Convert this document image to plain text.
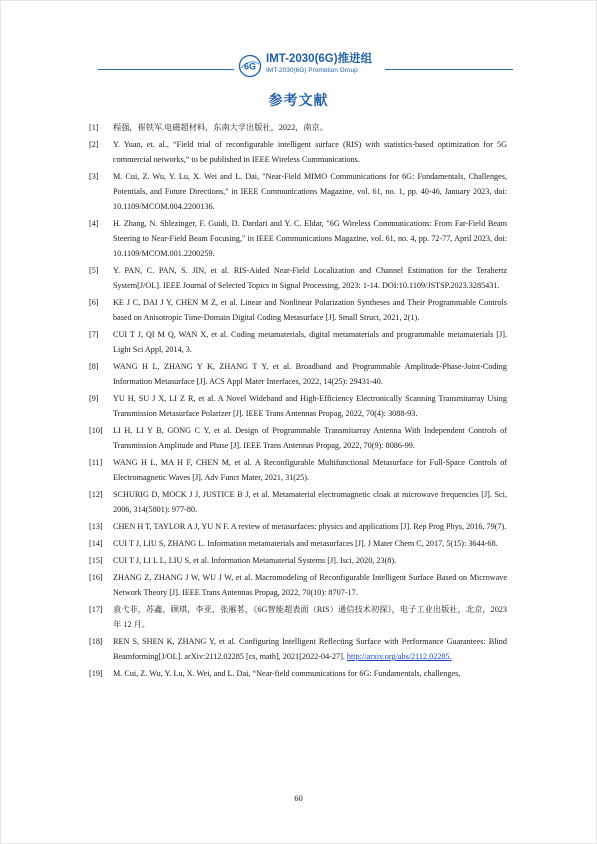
6G
IMT-2030(6G)推进组
IMT-2030(6G) Promotion Group
参考文献
[1] 程强，崔铁军.电磁超材料，东南大学出版社，2022，南京。
[2] Y. Yuan, et. al., “Field trial of reconfigurable intelligent surface (RIS) with statistics-based optimization for 5G commercial networks,” to be published in IEEE Wireless Communications.
[3] M. Cui, Z. Wu, Y. Lu, X. Wei and L. Dai, "Near-Field MIMO Communications for 6G: Fundamentals, Challenges, Potentials, and Future Directions," in IEEE Communications Magazine, vol. 61, no. 1, pp. 40-46, January 2023, doi: 10.1109/MCOM.004.2200136.
[4] H. Zhang, N. Shlezinger, F. Guidi, D. Dardari and Y. C. Eldar, "6G Wireless Communications: From Far-Field Beam Steering to Near-Field Beam Focusing," in IEEE Communications Magazine, vol. 61, no. 4, pp. 72-77, April 2023, doi: 10.1109/MCOM.001.2200259.
[5] Y. PAN, C. PAN, S. JIN, et al. RIS-Aided Near-Field Localization and Channel Estimation for the Terahertz System[J/OL]. IEEE Journal of Selected Topics in Signal Processing, 2023: 1-14. DOI:10.1109/JSTSP.2023.3285431.
[6] KE J C, DAI J Y, CHEN M Z, et al. Linear and Nonlinear Polarization Syntheses and Their Programmable Controls based on Anisotropic Time-Domain Digital Coding Metasurface [J]. Small Struct, 2021, 2(1).
[7] CUI T J, QI M Q, WAN X, et al. Coding metamaterials, digital metamaterials and programmable metamaterials [J]. Light Sci Appl, 2014, 3.
[8] WANG H L, ZHANG Y K, ZHANG T Y, et al. Broadband and Programmable Amplitude-Phase-Joint-Coding Information Metasurface [J]. ACS Appl Mater Interfaces, 2022, 14(25): 29431-40.
[9] YU H, SU J X, LI Z R, et al. A Novel Wideband and High-Efficiency Electronically Scanning Transmitarray Using Transmission Metasurface Polarizer [J]. IEEE Trans Antennas Propag, 2022, 70(4): 3088-93.
[10] LI H, LI Y B, GONG C Y, et al. Design of Programmable Transmitarray Antenna With Independent Controls of Transmission Amplitude and Phase [J]. IEEE Trans Antennas Propag, 2022, 70(9): 8086-99.
[11] WANG H L, MA H F, CHEN M, et al. A Reconfigurable Multifunctional Metasurface for Full-Space Controls of Electromagnetic Waves [J]. Adv Funct Mater, 2021, 31(25).
[12] SCHURIG D, MOCK J J, JUSTICE B J, et al. Metamaterial electromagnetic cloak at microwave frequencies [J]. Sci, 2006, 314(5801): 977-80.
[13] CHEN H T, TAYLOR A J, YU N F. A review of metasurfaces: physics and applications [J]. Rep Prog Phys, 2016, 79(7).
[14] CUI T J, LIU S, ZHANG L. Information metamaterials and metasurfaces [J]. J Mater Chem C, 2017, 5(15): 3644-68.
[15] CUI T J, LI L L, LIU S, et al. Information Metamaterial Systems [J]. Isci, 2020, 23(8).
[16] ZHANG Z, ZHANG J W, WU J W, et al. Macromodeling of Reconfigurable Intelligent Surface Based on Microwave Network Theory [J]. IEEE Trans Antennas Propag, 2022, 70(10): 8707-17.
[17] 袁弋非，苏鑫，顾琪，李亚，张雁茗，《6G智能超表面（RIS）通信技术初探》，电子工业出版社，北京，2023 年 12 月。
[18] REN S, SHEN K, ZHANG Y, et al. Configuring Intelligent Reflecting Surface with Performance Guarantees: Blind Beamforming[J/OL]. arXiv:2112.02285 [cs, math], 2021[2022-04-27]. http://arxiv.org/abs/2112.02285.
[19] M. Cui, Z. Wu, Y. Lu, X. Wei, and L. Dai, “Near-field communications for 6G: Fundamentals, challenges,
60
